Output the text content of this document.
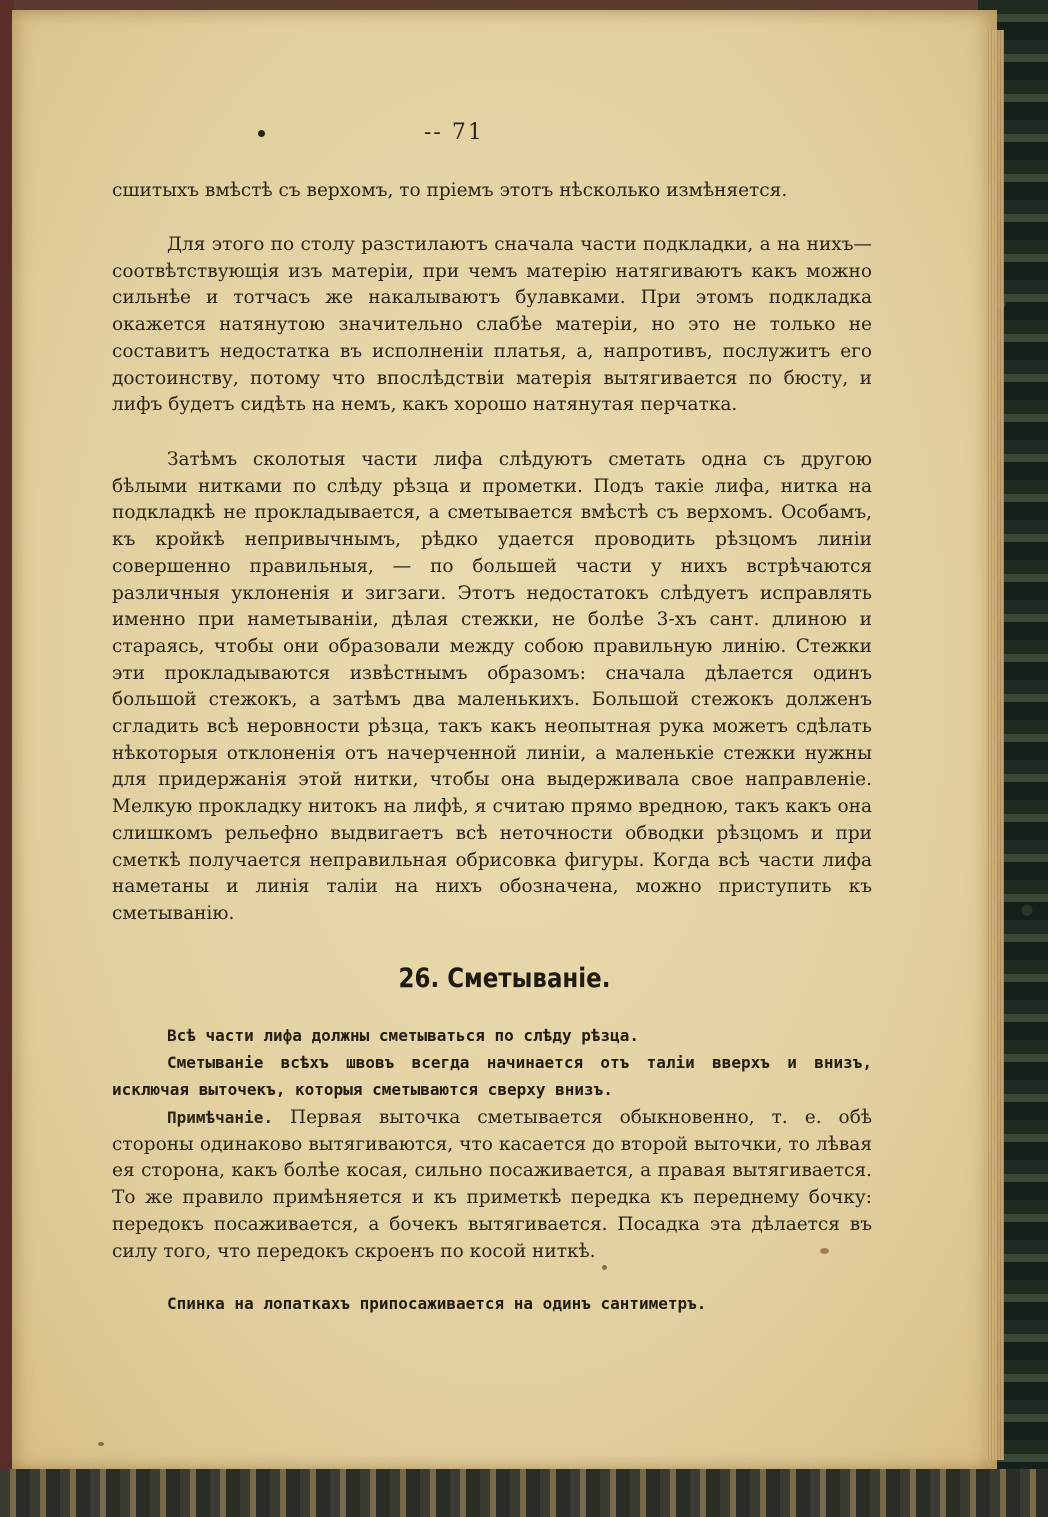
-- 71

сшитыхъ вмѣстѣ съ верхомъ, то пріемъ этотъ нѣсколько измѣняется.

Для этого по столу разстилаютъ сначала части подкладки, а на нихъ—соотвѣтствующія изъ матеріи, при чемъ матерію натягиваютъ какъ можно сильнѣе и тотчасъ же накалываютъ булавками. При этомъ подкладка окажется натянутою значительно слабѣе матеріи, но это не только не составитъ недостатка въ исполненіи платья, а, напротивъ, послужитъ его достоинству, потому что впослѣдствіи матерія вытягивается по бюсту, и лифъ будетъ сидѣть на немъ, какъ хорошо натянутая перчатка.

Затѣмъ сколотыя части лифа слѣдуютъ сметать одна съ другою бѣлыми нитками по слѣду рѣзца и прометки. Подъ такіе лифа, нитка на подкладкѣ не прокладывается, а сметывается вмѣстѣ съ верхомъ. Особамъ, къ кройкѣ непривычнымъ, рѣдко удается проводить рѣзцомъ линіи совершенно правильныя, — по большей части у нихъ встрѣчаются различныя уклоненія и зигзаги. Этотъ недостатокъ слѣдуетъ исправлять именно при наметываніи, дѣлая стежки, не болѣе 3-хъ сант. длиною и стараясь, чтобы они образовали между собою правильную линію. Стежки эти прокладываются извѣстнымъ образомъ: сначала дѣлается одинъ большой стежокъ, а затѣмъ два маленькихъ. Большой стежокъ долженъ сгладить всѣ неровности рѣзца, такъ какъ неопытная рука можетъ сдѣлать нѣкоторыя отклоненія отъ начерченной линіи, а маленькіе стежки нужны для придержанія этой нитки, чтобы она выдерживала свое направленіе. Мелкую прокладку нитокъ на лифѣ, я считаю прямо вредною, такъ какъ она слишкомъ рельефно выдвигаетъ всѣ неточности обводки рѣзцомъ и при сметкѣ получается неправильная обрисовка фигуры. Когда всѣ части лифа наметаны и линія таліи на нихъ обозначена, можно приступить къ сметыванію.

26. Сметываніе.

Всѣ части лифа должны сметываться по слѣду рѣзца.

Сметываніе всѣхъ швовъ всегда начинается отъ таліи вверхъ и внизъ, исключая выточекъ, которыя сметываются сверху внизъ.

Примѣчаніе. Первая выточка сметывается обыкновенно, т. е. обѣ стороны одинаково вытягиваются, что касается до второй выточки, то лѣвая ея сторона, какъ болѣе косая, сильно посаживается, а правая вытягивается. То же правило примѣняется и къ приметкѣ передка къ переднему бочку: передокъ посаживается, а бочекъ вытягивается. Посадка эта дѣлается въ силу того, что передокъ скроенъ по косой ниткѣ.

Спинка на лопаткахъ припосаживается на одинъ сантиметръ.
